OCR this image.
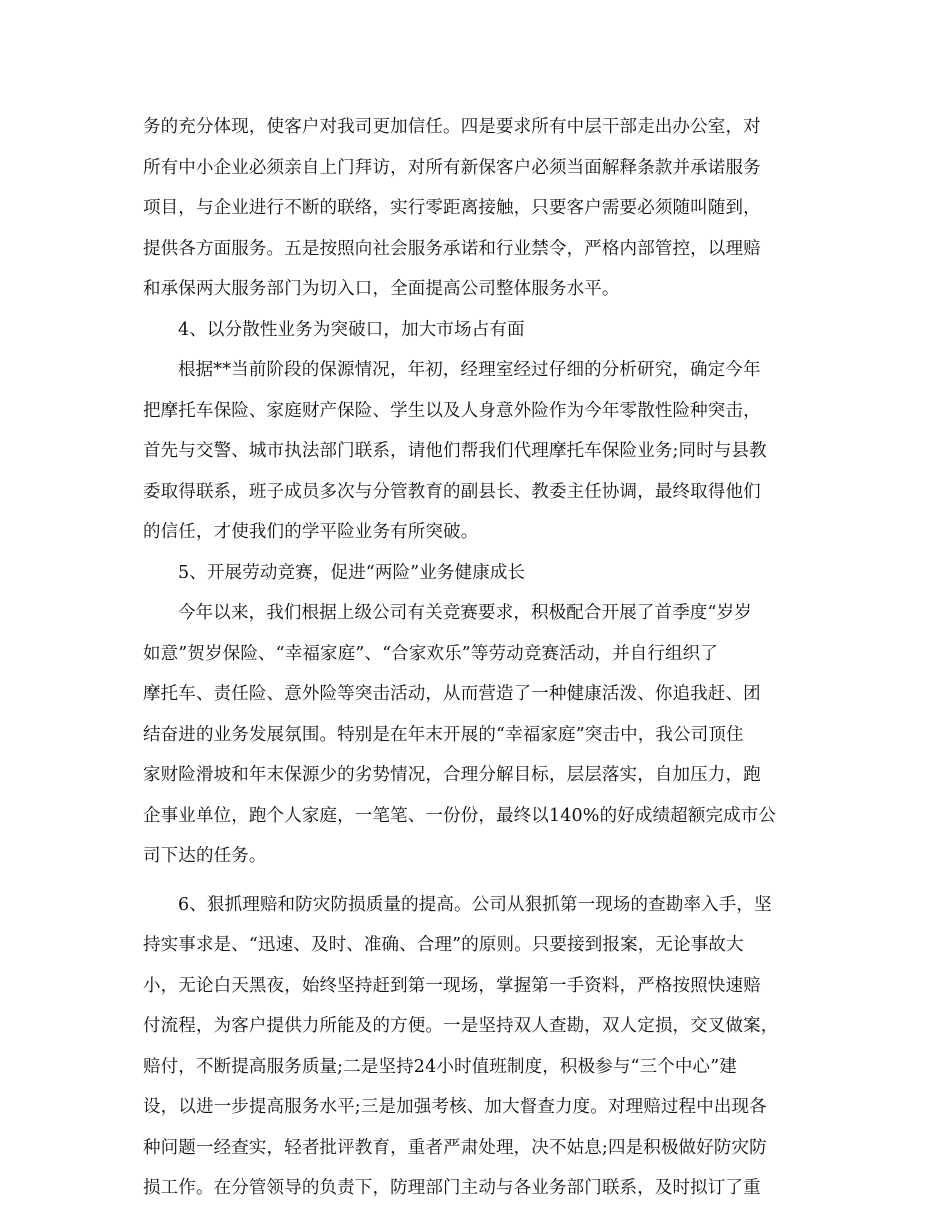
务的充分体现，使客户对我司更加信任。四是要求所有中层干部走出办公室，对
所有中小企业必须亲自上门拜访，对所有新保客户必须当面解释条款并承诺服务
项目，与企业进行不断的联络，实行零距离接触，只要客户需要必须随叫随到，
提供各方面服务。五是按照向社会服务承诺和行业禁令，严格内部管控，以理赔
和承保两大服务部门为切入口，全面提高公司整体服务水平。
4、以分散性业务为突破口，加大市场占有面
根据**当前阶段的保源情况，年初，经理室经过仔细的分析研究，确定今年
把摩托车保险、家庭财产保险、学生以及人身意外险作为今年零散性险种突击，
首先与交警、城市执法部门联系，请他们帮我们代理摩托车保险业务;同时与县教
委取得联系，班子成员多次与分管教育的副县长、教委主任协调，最终取得他们
的信任，才使我们的学平险业务有所突破。
5、开展劳动竞赛，促进“两险”业务健康成长
今年以来，我们根据上级公司有关竞赛要求，积极配合开展了首季度“岁岁
如意”贺岁保险、“幸福家庭”、“合家欢乐”等劳动竞赛活动，并自行组织了
摩托车、责任险、意外险等突击活动，从而营造了一种健康活泼、你追我赶、团
结奋进的业务发展氛围。特别是在年末开展的“幸福家庭”突击中，我公司顶住
家财险滑坡和年末保源少的劣势情况，合理分解目标，层层落实，自加压力，跑
企事业单位，跑个人家庭，一笔笔、一份份，最终以140%的好成绩超额完成市公
司下达的任务。
6、狠抓理赔和防灾防损质量的提高。公司从狠抓第一现场的查勘率入手，坚
持实事求是、“迅速、及时、准确、合理”的原则。只要接到报案，无论事故大
小，无论白天黑夜，始终坚持赶到第一现场，掌握第一手资料，严格按照快速赔
付流程，为客户提供力所能及的方便。一是坚持双人查勘，双人定损，交叉做案，
赔付，不断提高服务质量;二是坚持24小时值班制度，积极参与“三个中心”建
设，以进一步提高服务水平;三是加强考核、加大督查力度。对理赔过程中出现各
种问题一经查实，轻者批评教育，重者严肃处理，决不姑息;四是积极做好防灾防
损工作。在分管领导的负责下，防理部门主动与各业务部门联系，及时拟订了重
